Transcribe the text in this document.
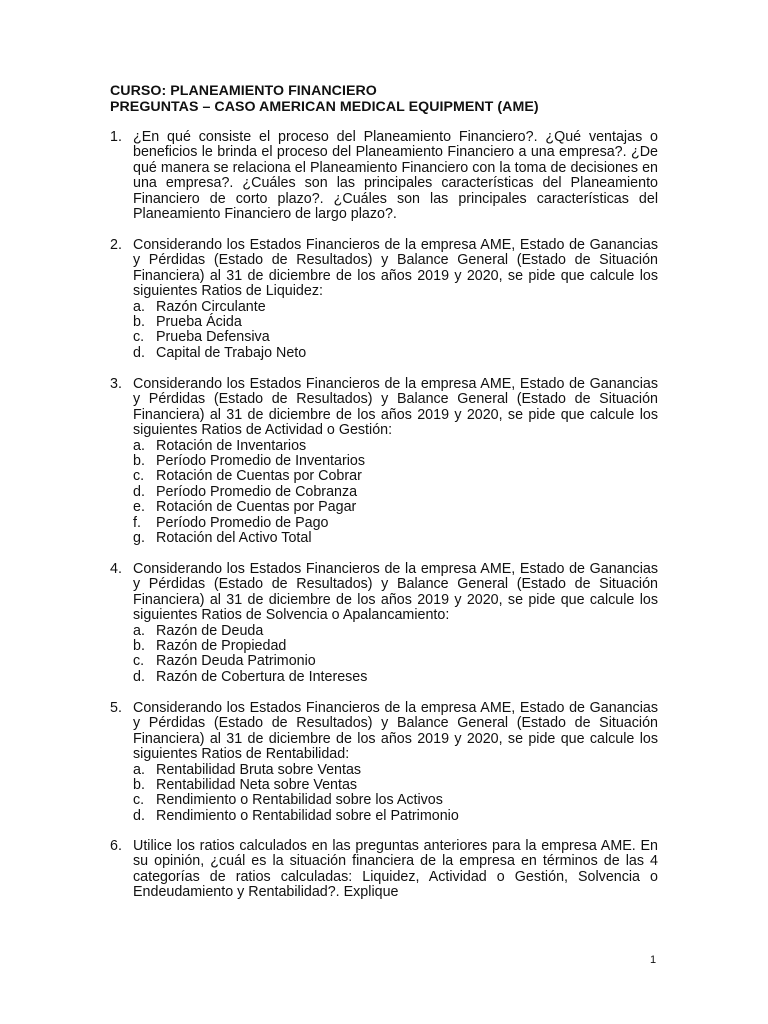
CURSO: PLANEAMIENTO FINANCIERO
PREGUNTAS – CASO AMERICAN MEDICAL EQUIPMENT (AME)
1. ¿En qué consiste el proceso del Planeamiento Financiero?. ¿Qué ventajas o beneficios le brinda el proceso del Planeamiento Financiero a una empresa?. ¿De qué manera se relaciona el Planeamiento Financiero con la toma de decisiones en una empresa?. ¿Cuáles son las principales características del Planeamiento Financiero de corto plazo?. ¿Cuáles son las principales características del Planeamiento Financiero de largo plazo?.
2. Considerando los Estados Financieros de la empresa AME, Estado de Ganancias y Pérdidas (Estado de Resultados) y Balance General (Estado de Situación Financiera) al 31 de diciembre de los años 2019 y 2020, se pide que calcule los siguientes Ratios de Liquidez:
a. Razón Circulante
b. Prueba Ácida
c. Prueba Defensiva
d. Capital de Trabajo Neto
3. Considerando los Estados Financieros de la empresa AME, Estado de Ganancias y Pérdidas (Estado de Resultados) y Balance General (Estado de Situación Financiera) al 31 de diciembre de los años 2019 y 2020, se pide que calcule los siguientes Ratios de Actividad o Gestión:
a. Rotación de Inventarios
b. Período Promedio de Inventarios
c. Rotación de Cuentas por Cobrar
d. Período Promedio de Cobranza
e. Rotación de Cuentas por Pagar
f. Período Promedio de Pago
g. Rotación del Activo Total
4. Considerando los Estados Financieros de la empresa AME, Estado de Ganancias y Pérdidas (Estado de Resultados) y Balance General (Estado de Situación Financiera) al 31 de diciembre de los años 2019 y 2020, se pide que calcule los siguientes Ratios de Solvencia o Apalancamiento:
a. Razón de Deuda
b. Razón de Propiedad
c. Razón Deuda Patrimonio
d. Razón de Cobertura de Intereses
5. Considerando los Estados Financieros de la empresa AME, Estado de Ganancias y Pérdidas (Estado de Resultados) y Balance General (Estado de Situación Financiera) al 31 de diciembre de los años 2019 y 2020, se pide que calcule los siguientes Ratios de Rentabilidad:
a. Rentabilidad Bruta sobre Ventas
b. Rentabilidad Neta sobre Ventas
c. Rendimiento o Rentabilidad sobre los Activos
d. Rendimiento o Rentabilidad sobre el Patrimonio
6. Utilice los ratios calculados en las preguntas anteriores para la empresa AME. En su opinión, ¿cuál es la situación financiera de la empresa en términos de las 4 categorías de ratios calculadas: Liquidez, Actividad o Gestión, Solvencia o Endeudamiento y Rentabilidad?. Explique
1
